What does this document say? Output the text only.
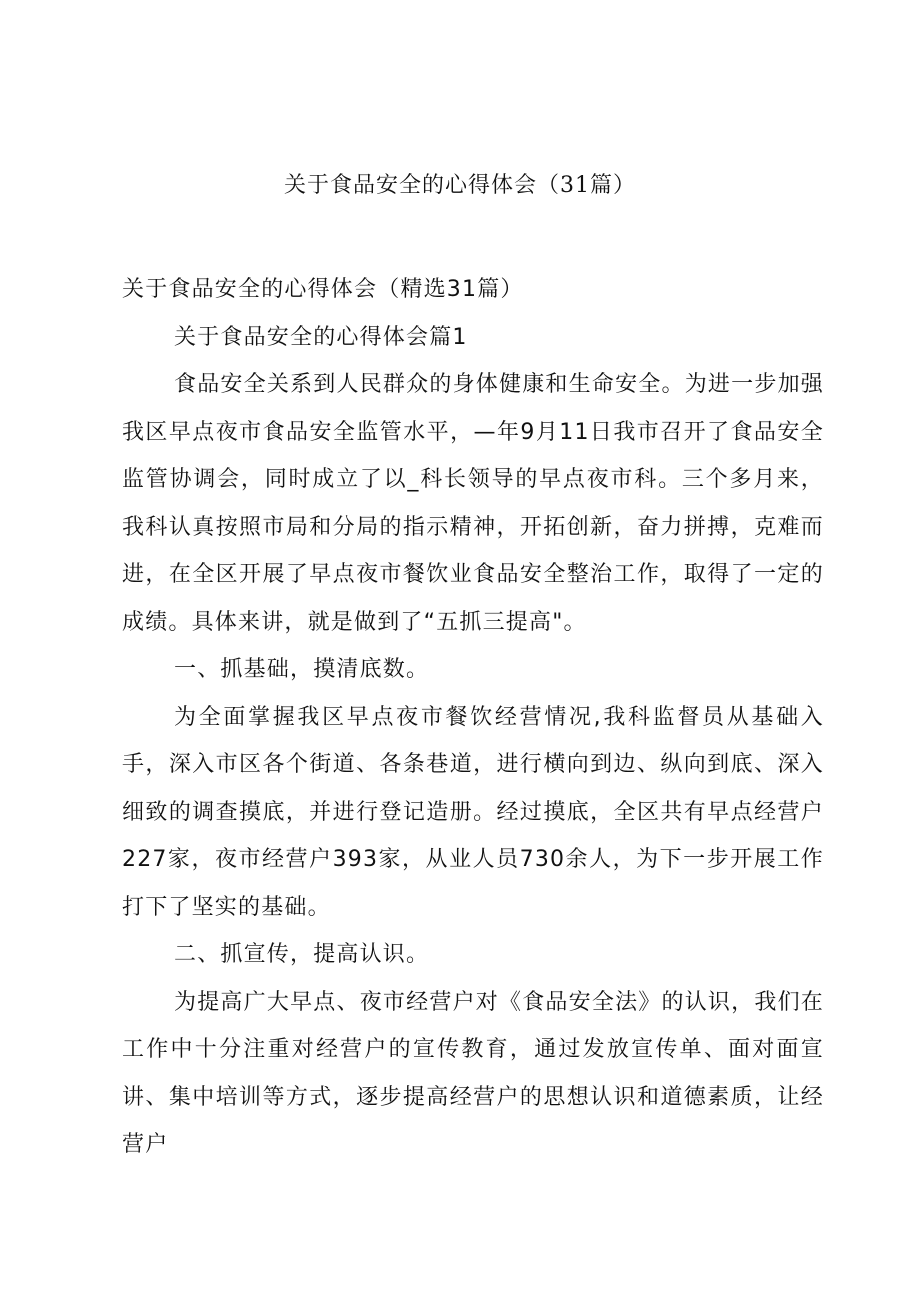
关于食品安全的心得体会（31篇）

关于食品安全的心得体会（精选31篇）

关于食品安全的心得体会篇1

食品安全关系到人民群众的身体健康和生命安全。为进一步加强我区早点夜市食品安全监管水平，—年9月11日我市召开了食品安全监管协调会，同时成立了以_科长领导的早点夜市科。三个多月来，我科认真按照市局和分局的指示精神，开拓创新，奋力拼搏，克难而进，在全区开展了早点夜市餐饮业食品安全整治工作，取得了一定的成绩。具体来讲，就是做到了“五抓三提高"。

一、抓基础，摸清底数。

为全面掌握我区早点夜市餐饮经营情况,我科监督员从基础入手，深入市区各个街道、各条巷道，进行横向到边、纵向到底、深入细致的调查摸底，并进行登记造册。经过摸底，全区共有早点经营户227家，夜市经营户393家，从业人员730余人，为下一步开展工作打下了坚实的基础。

二、抓宣传，提高认识。

为提高广大早点、夜市经营户对《食品安全法》的认识，我们在工作中十分注重对经营户的宣传教育，通过发放宣传单、面对面宣讲、集中培训等方式，逐步提高经营户的思想认识和道德素质，让经营户
